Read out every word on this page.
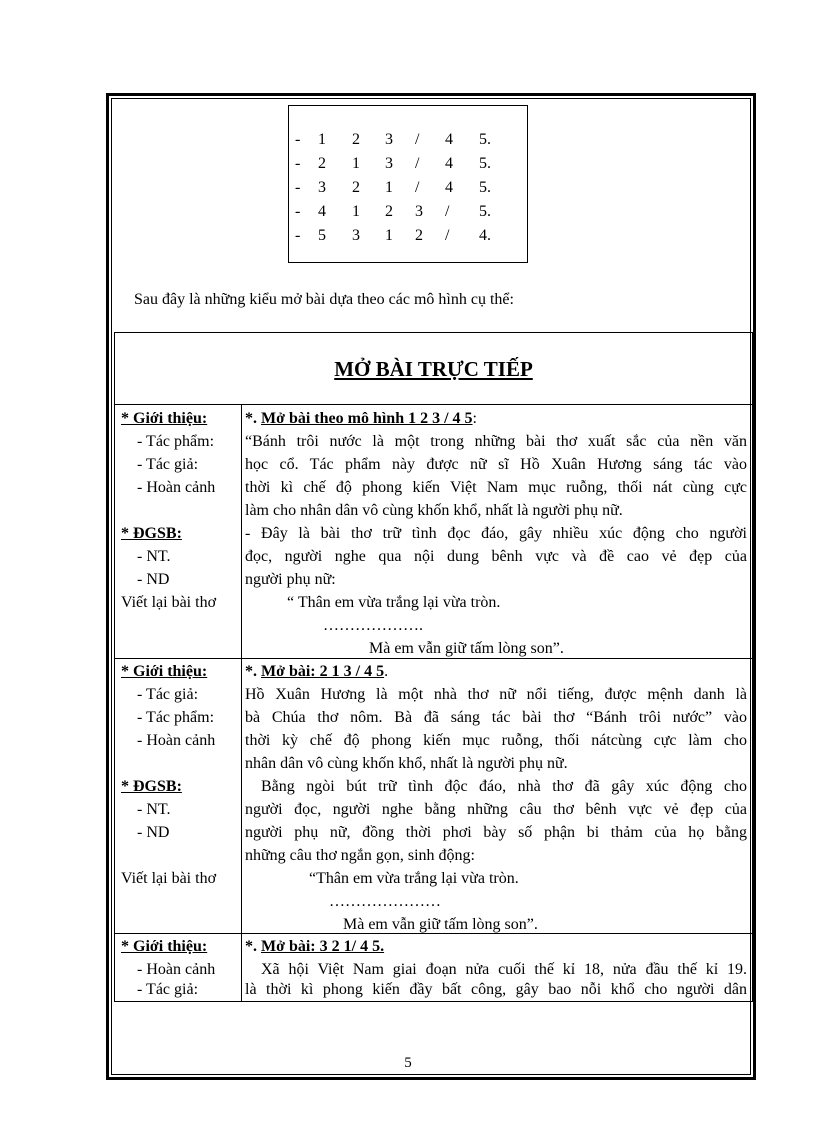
- 1 2 3 / 4 5.
- 2 1 3 / 4 5.
- 3 2 1 / 4 5.
- 4 1 2 3 / 5.
- 5 3 1 2 / 4.
Sau đây là những kiểu mở bài dựa theo các mô hình cụ thể:
MỞ BÀI TRỰC TIẾP
* Giới thiệu:
- Tác phẩm:
- Tác giả:
- Hoàn cảnh
* ĐGSB:
- NT.
- ND
Viết lại bài thơ
*. Mở bài theo mô hình 1 2 3 / 4 5:
“Bánh trôi nước là một trong những bài thơ xuất sắc của nền văn
học cổ. Tác phẩm này được nữ sĩ Hồ Xuân Hương sáng tác vào
thời kì chế độ phong kiến Việt Nam mục ruỗng, thối nát cùng cực
làm cho nhân dân vô cùng khốn khổ, nhất là người phụ nữ.
- Đây là bài thơ trữ tình đọc đáo, gây nhiều xúc động cho người
đọc, người nghe qua nội dung bênh vực và đề cao vẻ đẹp của
người phụ nữ:
“ Thân em vừa trắng lại vừa tròn.
……………….
Mà em vẫn giữ tấm lòng son”.
* Giới thiệu:
- Tác giả:
- Tác phẩm:
- Hoàn cảnh
* ĐGSB:
- NT.
- ND
Viết lại bài thơ
*. Mở bài: 2 1 3 / 4 5.
Hồ Xuân Hương là một nhà thơ nữ nổi tiếng, được mệnh danh là
bà Chúa thơ nôm. Bà đã sáng tác bài thơ “Bánh trôi nước” vào
thời kỳ chế độ phong kiến mục ruỗng, thối nátcùng cực làm cho
nhân dân vô cùng khốn khổ, nhất là người phụ nữ.
Bằng ngòi bút trữ tình độc đáo, nhà thơ đã gây xúc động cho
người đọc, người nghe bằng những câu thơ bênh vực vẻ đẹp của
người phụ nữ, đồng thời phơi bày số phận bi thảm của họ bằng
những câu thơ ngắn gọn, sinh động:
“Thân em vừa trắng lại vừa tròn.
…………………
Mà em vẫn giữ tấm lòng son”.
* Giới thiệu:
- Hoàn cảnh
- Tác giả:
*. Mở bài: 3 2 1/ 4 5.
Xã hội Việt Nam giai đoạn nửa cuối thế kỉ 18, nửa đầu thế kỉ 19.
là thời kì phong kiến đầy bất công, gây bao nỗi khổ cho người dân
5
